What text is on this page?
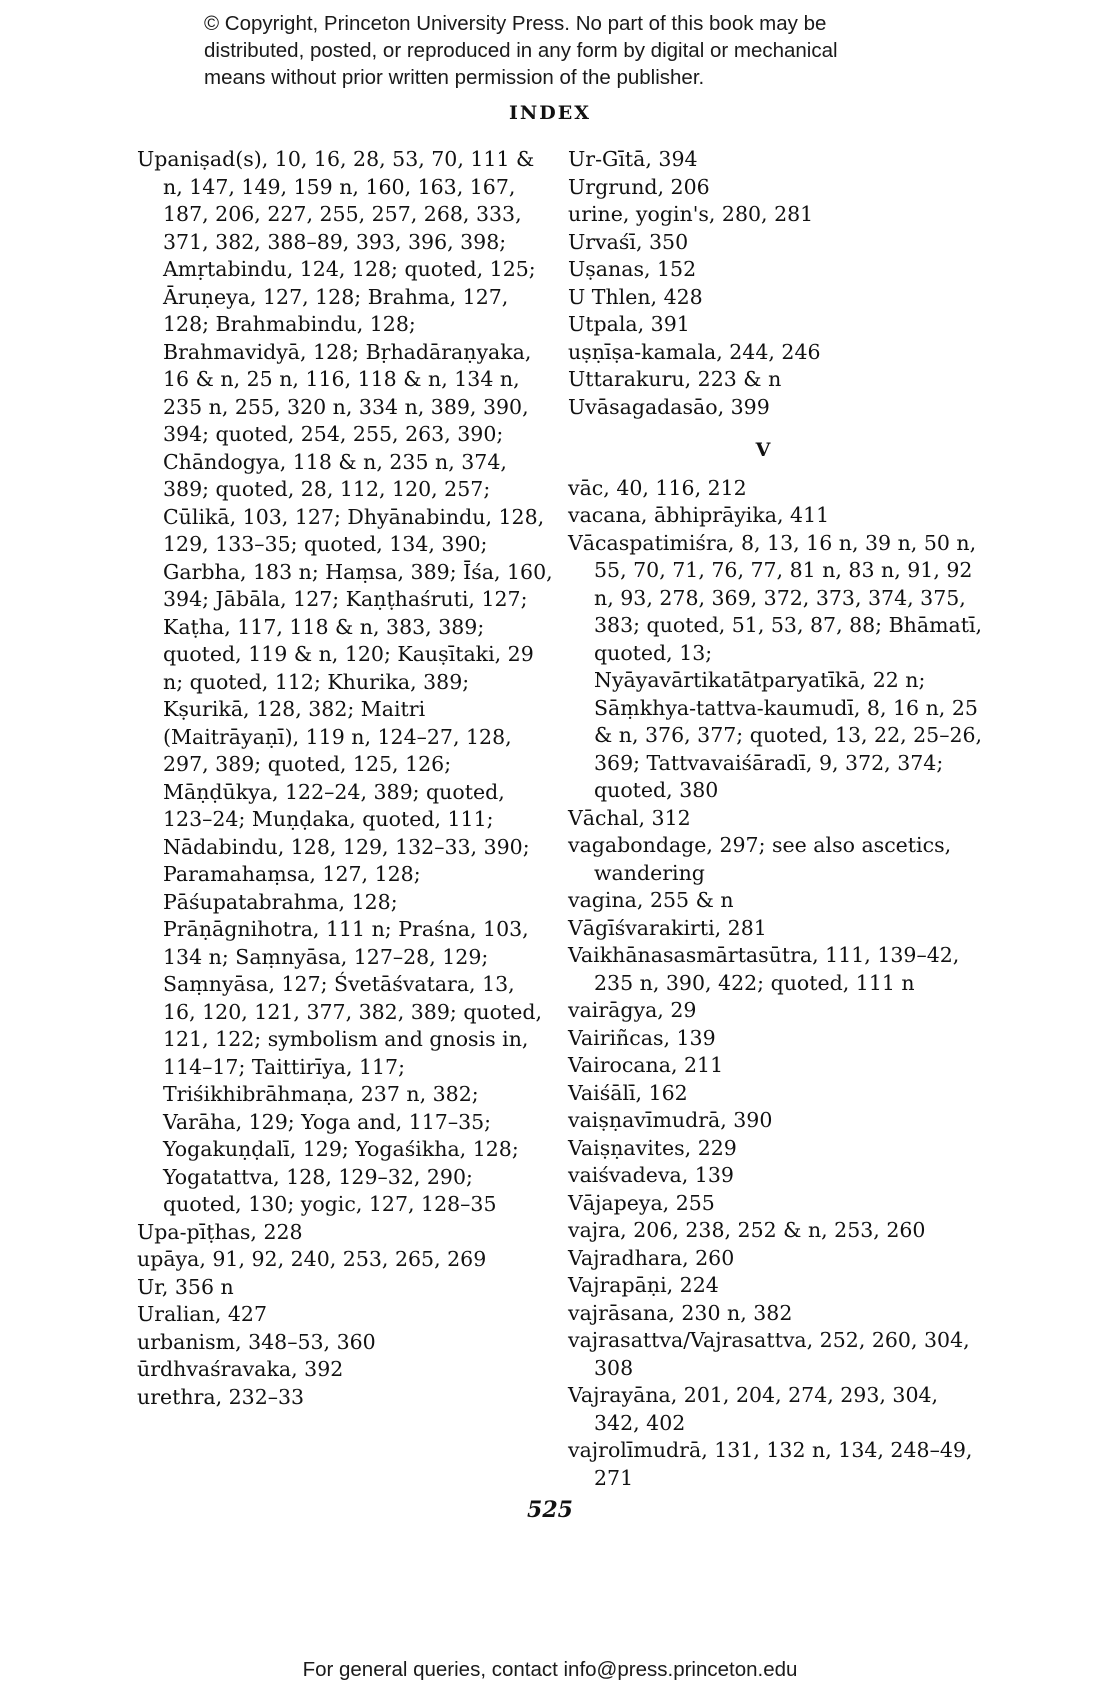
© Copyright, Princeton University Press. No part of this book may be
distributed, posted, or reproduced in any form by digital or mechanical
means without prior written permission of the publisher.
INDEX
Upaniṣad(s), 10, 16, 28, 53, 70, 111 & n, 147, 149, 159 n, 160, 163, 167, 187, 206, 227, 255, 257, 268, 333, 371, 382, 388–89, 393, 396, 398; Amṛtabindu, 124, 128; quoted, 125; Āruṇeya, 127, 128; Brahma, 127, 128; Brahmabindu, 128; Brahmavidyā, 128; Bṛhadāraṇyaka, 16 & n, 25 n, 116, 118 & n, 134 n, 235 n, 255, 320 n, 334 n, 389, 390, 394; quoted, 254, 255, 263, 390; Chāndogya, 118 & n, 235 n, 374, 389; quoted, 28, 112, 120, 257; Cūlikā, 103, 127; Dhyānabindu, 128, 129, 133–35; quoted, 134, 390; Garbha, 183 n; Haṃsa, 389; Īśa, 160, 394; Jābāla, 127; Kaṇṭhaśruti, 127; Kaṭha, 117, 118 & n, 383, 389; quoted, 119 & n, 120; Kauṣītaki, 29 n; quoted, 112; Khurika, 389; Kṣurikā, 128, 382; Maitri (Maitrāyaṇī), 119 n, 124–27, 128, 297, 389; quoted, 125, 126; Māṇḍūkya, 122–24, 389; quoted, 123–24; Muṇḍaka, quoted, 111; Nādabindu, 128, 129, 132–33, 390; Paramahaṃsa, 127, 128; Pāśupatabrahma, 128; Prāṇāgnihotra, 111 n; Praśna, 103, 134 n; Saṃnyāsa, 127–28, 129; Saṃnyāsa, 127; Śvetāśvatara, 13, 16, 120, 121, 377, 382, 389; quoted, 121, 122; symbolism and gnosis in, 114–17; Taittirīya, 117; Triśikhibrāhmaṇa, 237 n, 382; Varāha, 129; Yoga and, 117–35; Yogakuṇḍalī, 129; Yogaśikha, 128; Yogatattva, 128, 129–32, 290; quoted, 130; yogic, 127, 128–35
Upa-pīṭhas, 228
upāya, 91, 92, 240, 253, 265, 269
Ur, 356 n
Uralian, 427
urbanism, 348–53, 360
ūrdhvaśravaka, 392
urethra, 232–33
Ur-Gītā, 394
Urgrund, 206
urine, yogin's, 280, 281
Urvaśī, 350
Uṣanas, 152
U Thlen, 428
Utpala, 391
uṣṇīṣa-kamala, 244, 246
Uttarakuru, 223 & n
Uvāsagadasāo, 399
V
vāc, 40, 116, 212
vacana, ābhiprāyika, 411
Vācaspatimiśra, 8, 13, 16 n, 39 n, 50 n, 55, 70, 71, 76, 77, 81 n, 83 n, 91, 92 n, 93, 278, 369, 372, 373, 374, 375, 383; quoted, 51, 53, 87, 88; Bhāmatī, quoted, 13; Nyāyavārtikatātparyatīkā, 22 n; Sāṃkhya-tattva-kaumudī, 8, 16 n, 25 & n, 376, 377; quoted, 13, 22, 25–26, 369; Tattvavaiśāradī, 9, 372, 374; quoted, 380
Vāchal, 312
vagabondage, 297; see also ascetics, wandering
vagina, 255 & n
Vāgīśvarakirti, 281
Vaikhānasasmārtasūtra, 111, 139–42, 235 n, 390, 422; quoted, 111 n
vairāgya, 29
Vairiñcas, 139
Vairocana, 211
Vaiśālī, 162
vaiṣṇavīmudrā, 390
Vaiṣṇavites, 229
vaiśvadeva, 139
Vājapeya, 255
vajra, 206, 238, 252 & n, 253, 260
Vajradhara, 260
Vajrapāṇi, 224
vajrāsana, 230 n, 382
vajrasattva/Vajrasattva, 252, 260, 304, 308
Vajrayāna, 201, 204, 274, 293, 304, 342, 402
vajrolīmudrā, 131, 132 n, 134, 248–49, 271
525
For general queries, contact info@press.princeton.edu
